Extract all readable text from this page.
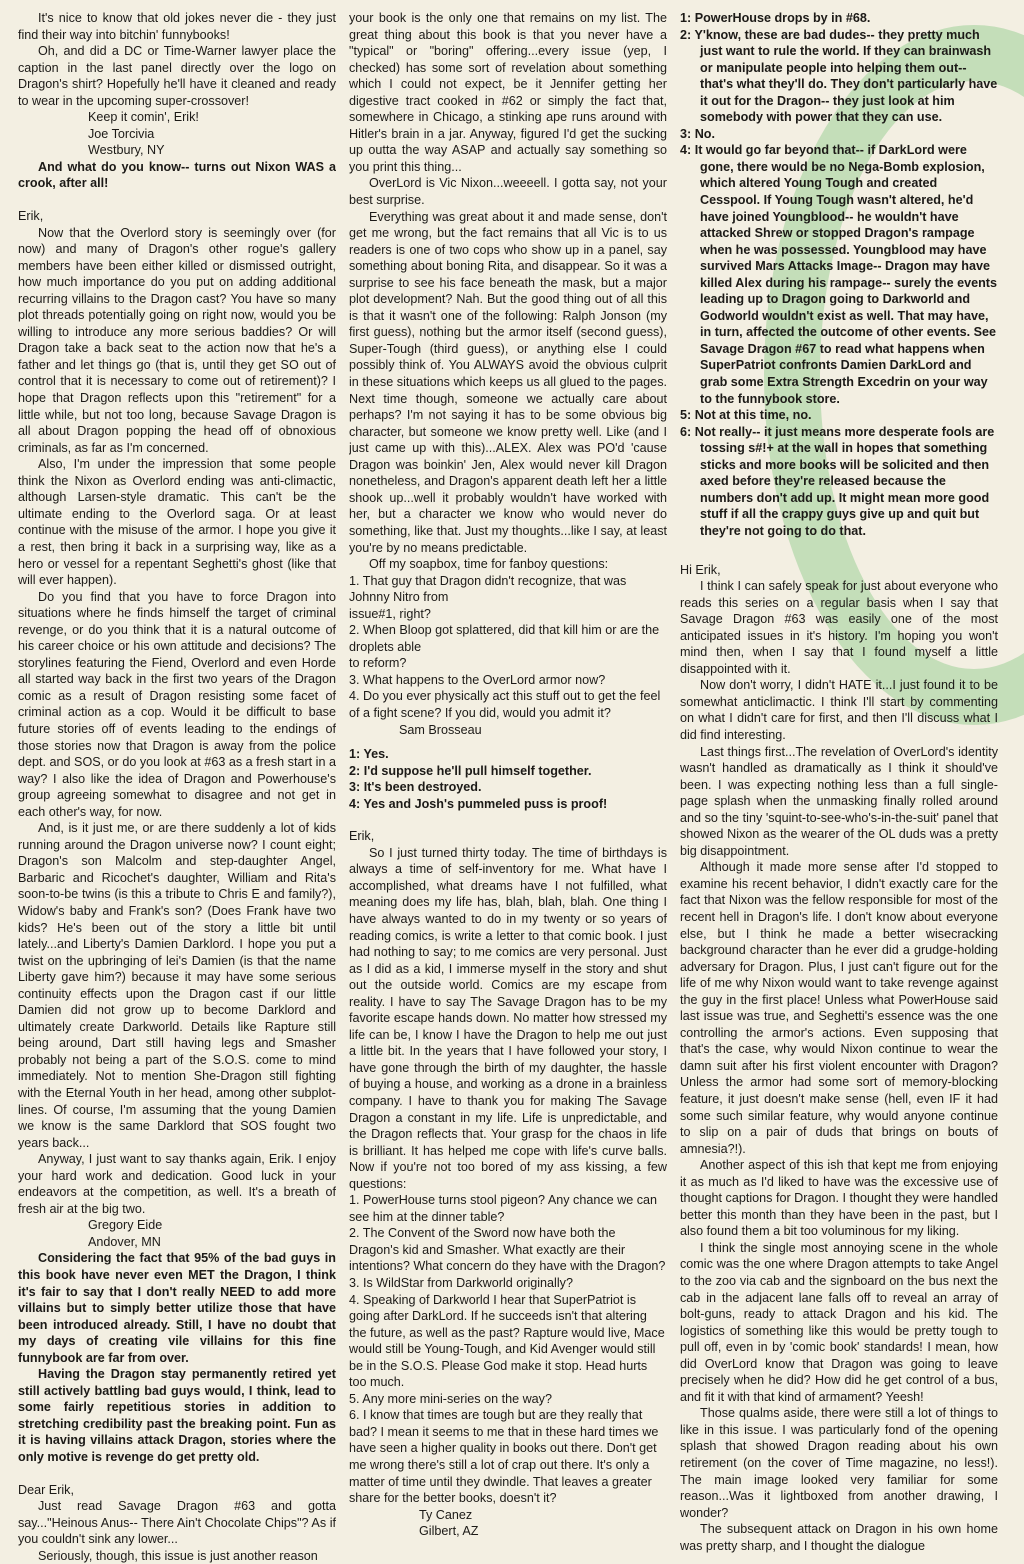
It's nice to know that old jokes never die - they just find their way into bitchin' funnybooks!

Oh, and did a DC or Time-Warner lawyer place the caption in the last panel directly over the logo on Dragon's shirt? Hopefully he'll have it cleaned and ready to wear in the upcoming super-crossover!

Keep it comin', Erik!

Joe Torcivia

Westbury, NY

And what do you know-- turns out Nixon WAS a crook, after all!

Erik,

Now that the Overlord story is seemingly over (for now) and many of Dragon's other rogue's gallery members have been either killed or dismissed outright, how much importance do you put on adding additional recurring villains to the Dragon cast? You have so many plot threads potentially going on right now, would you be willing to introduce any more serious baddies? Or will Dragon take a back seat to the action now that he's a father and let things go (that is, until they get SO out of control that it is necessary to come out of retirement)? I hope that Dragon reflects upon this "retirement" for a little while, but not too long, because Savage Dragon is all about Dragon popping the head off of obnoxious criminals, as far as I'm concerned.

Also, I'm under the impression that some people think the Nixon as Overlord ending was anti-climactic, although Larsen-style dramatic. This can't be the ultimate ending to the Overlord saga. Or at least continue with the misuse of the armor. I hope you give it a rest, then bring it back in a surprising way, like as a hero or vessel for a repentant Seghetti's ghost (like that will ever happen).

Do you find that you have to force Dragon into situations where he finds himself the target of criminal revenge, or do you think that it is a natural outcome of his career choice or his own attitude and decisions? The storylines featuring the Fiend, Overlord and even Horde all started way back in the first two years of the Dragon comic as a result of Dragon resisting some facet of criminal action as a cop. Would it be difficult to base future stories off of events leading to the endings of those stories now that Dragon is away from the police dept. and SOS, or do you look at #63 as a fresh start in a way? I also like the idea of Dragon and Powerhouse's group agreeing somewhat to disagree and not get in each other's way, for now.

And, is it just me, or are there suddenly a lot of kids running around the Dragon universe now? I count eight; Dragon's son Malcolm and step-daughter Angel, Barbaric and Ricochet's daughter, William and Rita's soon-to-be twins (is this a tribute to Chris E and family?), Widow's baby and Frank's son? (Does Frank have two kids? He's been out of the story a little bit until lately...and Liberty's Damien Darklord. I hope you put a twist on the upbringing of lei's Damien (is that the name Liberty gave him?) because it may have some serious continuity effects upon the Dragon cast if our little Damien did not grow up to become Darklord and ultimately create Darkworld. Details like Rapture still being around, Dart still having legs and Smasher probably not being a part of the S.O.S. come to mind immediately. Not to mention She-Dragon still fighting with the Eternal Youth in her head, among other subplot-lines. Of course, I'm assuming that the young Damien we know is the same Darklord that SOS fought two years back...

Anyway, I just want to say thanks again, Erik. I enjoy your hard work and dedication. Good luck in your endeavors at the competition, as well. It's a breath of fresh air at the big two.

Gregory Eide

Andover, MN

Considering the fact that 95% of the bad guys in this book have never even MET the Dragon, I think it's fair to say that I don't really NEED to add more villains but to simply better utilize those that have been introduced already. Still, I have no doubt that my days of creating vile villains for this fine funnybook are far from over.

Having the Dragon stay permanently retired yet still actively battling bad guys would, I think, lead to some fairly repetitious stories in addition to stretching credibility past the breaking point. Fun as it is having villains attack Dragon, stories where the only motive is revenge do get pretty old.

Dear Erik,

Just read Savage Dragon #63 and gotta say..."Heinous Anus-- There Ain't Chocolate Chips"? As if you couldn't sink any lower...

Seriously, though, this issue is just another reason

your book is the only one that remains on my list. The great thing about this book is that you never have a "typical" or "boring" offering...every issue (yep, I checked) has some sort of revelation about something which I could not expect, be it Jennifer getting her digestive tract cooked in #62 or simply the fact that, somewhere in Chicago, a stinking ape runs around with Hitler's brain in a jar. Anyway, figured I'd get the sucking up outta the way ASAP and actually say something so you print this thing...

OverLord is Vic Nixon...weeeell. I gotta say, not your best surprise.

Everything was great about it and made sense, don't get me wrong, but the fact remains that all Vic is to us readers is one of two cops who show up in a panel, say something about boning Rita, and disappear. So it was a surprise to see his face beneath the mask, but a major plot development? Nah. But the good thing out of all this is that it wasn't one of the following: Ralph Jonson (my first guess), nothing but the armor itself (second guess), Super-Tough (third guess), or anything else I could possibly think of. You ALWAYS avoid the obvious culprit in these situations which keeps us all glued to the pages. Next time though, someone we actually care about perhaps? I'm not saying it has to be some obvious big character, but someone we know pretty well. Like (and I just came up with this)...ALEX. Alex was PO'd 'cause Dragon was boinkin' Jen, Alex would never kill Dragon nonetheless, and Dragon's apparent death left her a little shook up...well it probably wouldn't have worked with her, but a character we know who would never do something, like that. Just my thoughts...like I say, at least you're by no means predictable.

Off my soapbox, time for fanboy questions:

1. That guy that Dragon didn't recognize, that was Johnny Nitro from

issue#1, right?

2. When Bloop got splattered, did that kill him or are the droplets able

to reform?

3. What happens to the OverLord armor now?

4. Do you ever physically act this stuff out to get the feel of a fight scene? If you did, would you admit it?

Sam Brosseau

1: Yes.

2: I'd suppose he'll pull himself together.

3: It's been destroyed.

4: Yes and Josh's pummeled puss is proof!

Erik,

So I just turned thirty today. The time of birthdays is always a time of self-inventory for me. What have I accomplished, what dreams have I not fulfilled, what meaning does my life has, blah, blah, blah. One thing I have always wanted to do in my twenty or so years of reading comics, is write a letter to that comic book. I just had nothing to say; to me comics are very personal. Just as I did as a kid, I immerse myself in the story and shut out the outside world. Comics are my escape from reality. I have to say The Savage Dragon has to be my favorite escape hands down. No matter how stressed my life can be, I know I have the Dragon to help me out just a little bit. In the years that I have followed your story, I have gone through the birth of my daughter, the hassle of buying a house, and working as a drone in a brainless company. I have to thank you for making The Savage Dragon a constant in my life. Life is unpredictable, and the Dragon reflects that. Your grasp for the chaos in life is brilliant. It has helped me cope with life's curve balls. Now if you're not too bored of my ass kissing, a few questions:

1. PowerHouse turns stool pigeon? Any chance we can see him at the dinner table?

2. The Convent of the Sword now have both the Dragon's kid and Smasher. What exactly are their intentions? What concern do they have with the Dragon?

3. Is WildStar from Darkworld originally?

4. Speaking of Darkworld I hear that SuperPatriot is going after DarkLord. If he succeeds isn't that altering the future, as well as the past? Rapture would live, Mace would still be Young-Tough, and Kid Avenger would still be in the S.O.S. Please God make it stop. Head hurts too much.

5. Any more mini-series on the way?

6. I know that times are tough but are they really that bad? I mean it seems to me that in these hard times we have seen a higher quality in books out there. Don't get me wrong there's still a lot of crap out there. It's only a matter of time until they dwindle. That leaves a greater share for the better books, doesn't it?

Ty Canez

Gilbert, AZ

1: PowerHouse drops by in #68.

2: Y'know, these are bad dudes-- they pretty much just want to rule the world. If they can brainwash or manipulate people into helping them out-- that's what they'll do. They don't particularly have it out for the Dragon-- they just look at him somebody with power that they can use.

3: No.

4: It would go far beyond that-- if DarkLord were gone, there would be no Nega-Bomb explosion, which altered Young Tough and created Cesspool. If Young Tough wasn't altered, he'd have joined Youngblood-- he wouldn't have attacked Shrew or stopped Dragon's rampage when he was possessed. Youngblood may have survived Mars Attacks Image-- Dragon may have killed Alex during his rampage-- surely the events leading up to Dragon going to Darkworld and Godworld wouldn't exist as well. That may have, in turn, affected the outcome of other events. See Savage Dragon #67 to read what happens when SuperPatriot confronts Damien DarkLord and grab some Extra Strength Excedrin on your way to the funnybook store.

5: Not at this time, no.

6: Not really-- it just means more desperate fools are tossing s#!+ at the wall in hopes that something sticks and more books will be solicited and then axed before they're released because the numbers don't add up. It might mean more good stuff if all the crappy guys give up and quit but they're not going to do that.

Hi Erik,

I think I can safely speak for just about everyone who reads this series on a regular basis when I say that Savage Dragon #63 was easily one of the most anticipated issues in it's history. I'm hoping you won't mind then, when I say that I found myself a little disappointed with it.

Now don't worry, I didn't HATE it...I just found it to be somewhat anticlimactic. I think I'll start by commenting on what I didn't care for first, and then I'll discuss what I did find interesting.

Last things first...The revelation of OverLord's identity wasn't handled as dramatically as I think it should've been. I was expecting nothing less than a full single-page splash when the unmasking finally rolled around and so the tiny 'squint-to-see-who's-in-the-suit' panel that showed Nixon as the wearer of the OL duds was a pretty big disappointment.

Although it made more sense after I'd stopped to examine his recent behavior, I didn't exactly care for the fact that Nixon was the fellow responsible for most of the recent hell in Dragon's life. I don't know about everyone else, but I think he made a better wisecracking background character than he ever did a grudge-holding adversary for Dragon. Plus, I just can't figure out for the life of me why Nixon would want to take revenge against the guy in the first place! Unless what PowerHouse said last issue was true, and Seghetti's essence was the one controlling the armor's actions. Even supposing that that's the case, why would Nixon continue to wear the damn suit after his first violent encounter with Dragon? Unless the armor had some sort of memory-blocking feature, it just doesn't make sense (hell, even IF it had some such similar feature, why would anyone continue to slip on a pair of duds that brings on bouts of amnesia?!).

Another aspect of this ish that kept me from enjoying it as much as I'd liked to have was the excessive use of thought captions for Dragon. I thought they were handled better this month than they have been in the past, but I also found them a bit too voluminous for my liking.

I think the single most annoying scene in the whole comic was the one where Dragon attempts to take Angel to the zoo via cab and the signboard on the bus next the cab in the adjacent lane falls off to reveal an array of bolt-guns, ready to attack Dragon and his kid. The logistics of something like this would be pretty tough to pull off, even in by 'comic book' standards! I mean, how did OverLord know that Dragon was going to leave precisely when he did? How did he get control of a bus, and fit it with that kind of armament? Yeesh!

Those qualms aside, there were still a lot of things to like in this issue. I was particularly fond of the opening splash that showed Dragon reading about his own retirement (on the cover of Time magazine, no less!). The main image looked very familiar for some reason...Was it lightboxed from another drawing, I wonder?

The subsequent attack on Dragon in his own home was pretty sharp, and I thought the dialogue
